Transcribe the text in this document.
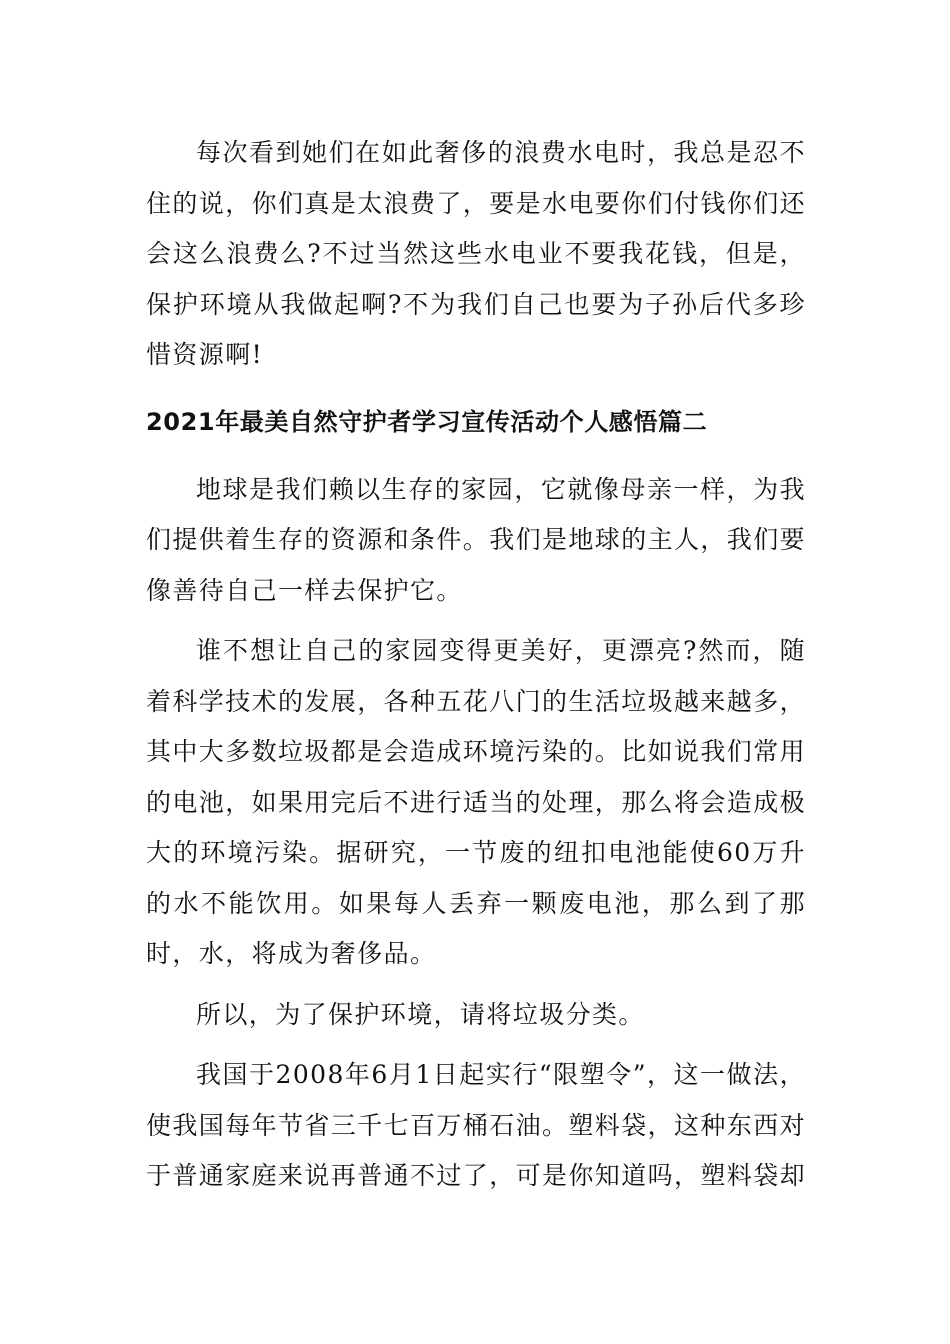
每次看到她们在如此奢侈的浪费水电时，我总是忍不住的说，你们真是太浪费了，要是水电要你们付钱你们还会这么浪费么?不过当然这些水电业不要我花钱，但是，保护环境从我做起啊?不为我们自己也要为子孙后代多珍惜资源啊!

2021年最美自然守护者学习宣传活动个人感悟篇二

地球是我们赖以生存的家园，它就像母亲一样，为我们提供着生存的资源和条件。我们是地球的主人，我们要像善待自己一样去保护它。

谁不想让自己的家园变得更美好，更漂亮?然而，随着科学技术的发展，各种五花八门的生活垃圾越来越多，其中大多数垃圾都是会造成环境污染的。比如说我们常用的电池，如果用完后不进行适当的处理，那么将会造成极大的环境污染。据研究，一节废的纽扣电池能使60万升的水不能饮用。如果每人丢弃一颗废电池，那么到了那时，水，将成为奢侈品。

所以，为了保护环境，请将垃圾分类。

我国于2008年6月1日起实行“限塑令”，这一做法，使我国每年节省三千七百万桶石油。塑料袋，这种东西对于普通家庭来说再普通不过了，可是你知道吗，塑料袋却
